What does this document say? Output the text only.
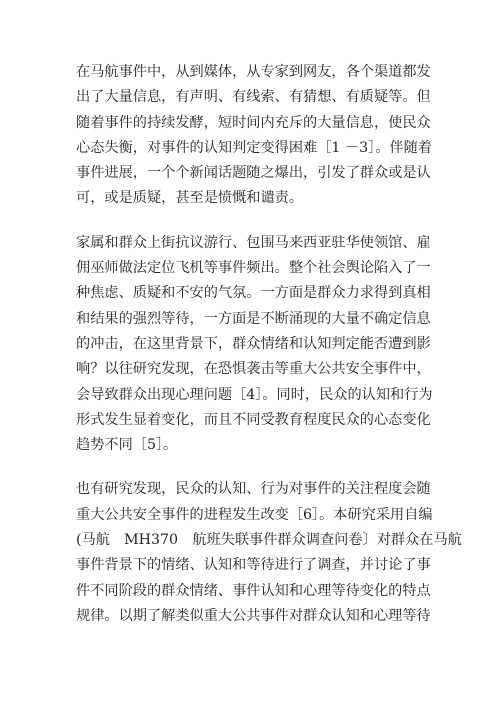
在马航事件中，从到媒体，从专家到网友，各个渠道都发
出了大量信息，有声明、有线索、有猜想、有质疑等。但
随着事件的持续发酵，短时间内充斥的大量信息，使民众
心态失衡，对事件的认知判定变得困难［1 －3］。伴随着
事件进展，一个个新闻话题随之爆出，引发了群众或是认
可，或是质疑，甚至是愤慨和谴责。

家属和群众上街抗议游行、包围马来西亚驻华使领馆、雇
佣巫师做法定位飞机等事件频出。整个社会舆论陷入了一
种焦虑、质疑和不安的气氛。一方面是群众力求得到真相
和结果的强烈等待，一方面是不断涌现的大量不确定信息
的冲击，在这里背景下，群众情绪和认知判定能否遭到影
响？以往研究发现，在恐惧袭击等重大公共安全事件中，
会导致群众出现心理问题［4］。同时，民众的认知和行为
形式发生显着变化，而且不同受教育程度民众的心态变化
趋势不同［5］。

也有研究发现，民众的认知、行为对事件的关注程度会随
重大公共安全事件的进程发生改变［6］。本研究采用自编
(马航　MH370　航班失联事件群众调查问卷〕对群众在马航
事件背景下的情绪、认知和等待进行了调查，并讨论了事
件不同阶段的群众情绪、事件认知和心理等待变化的特点
规律。以期了解类似重大公共事件对群众认知和心理等待
